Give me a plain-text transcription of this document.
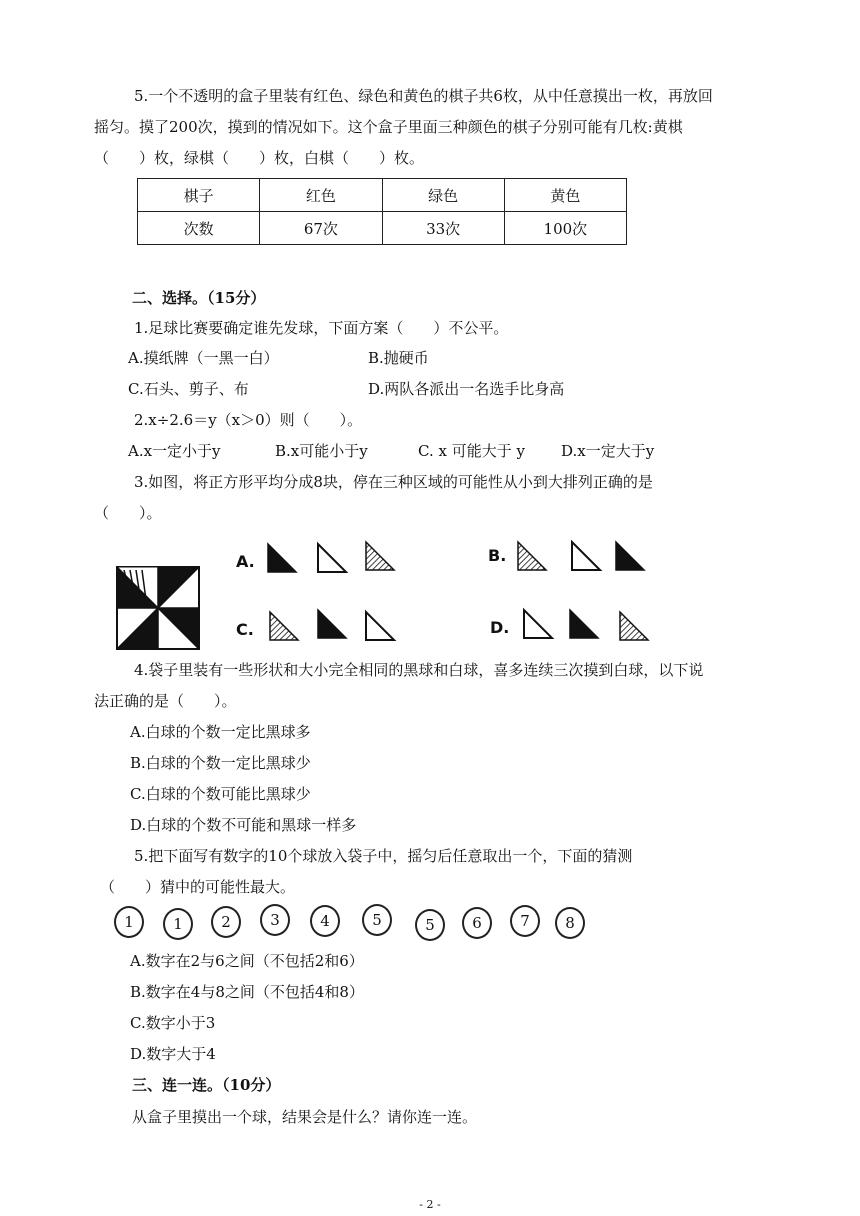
5.一个不透明的盒子里装有红色、绿色和黄色的棋子共6枚，从中任意摸出一枚，再放回
摇匀。摸了200次，摸到的情况如下。这个盒子里面三种颜色的棋子分别可能有几枚:黄棋
（　　）枚，绿棋（　　）枚，白棋（　　）枚。
棋子	红色	绿色	黄色
次数	67次	33次	100次
二、选择。（15分）
1.足球比赛要确定谁先发球，下面方案（　　）不公平。
A.摸纸牌（一黑一白）	B.抛硬币
C.石头、剪子、布	D.两队各派出一名选手比身高
2.x÷2.6＝y（x＞0）则（　　）。
A.x一定小于y	B.x可能小于y	C. x 可能大于 y D.x一定大于y
3.如图，将正方形平均分成8块，停在三种区域的可能性从小到大排列正确的是
（　　）。
A.	B.
C.	D.
4.袋子里装有一些形状和大小完全相同的黑球和白球，喜多连续三次摸到白球，以下说
法正确的是（　　）。
A.白球的个数一定比黑球多
B.白球的个数一定比黑球少
C.白球的个数可能比黑球少
D.白球的个数不可能和黑球一样多
5.把下面写有数字的10个球放入袋子中，摇匀后任意取出一个，下面的猜测
（　　）猜中的可能性最大。
1	1	2	3	4	5	5	6	7	8
A.数字在2与6之间（不包括2和6）
B.数字在4与8之间（不包括4和8）
C.数字小于3
D.数字大于4
三、连一连。（10分）
从盒子里摸出一个球，结果会是什么？请你连一连。
- 2 -
